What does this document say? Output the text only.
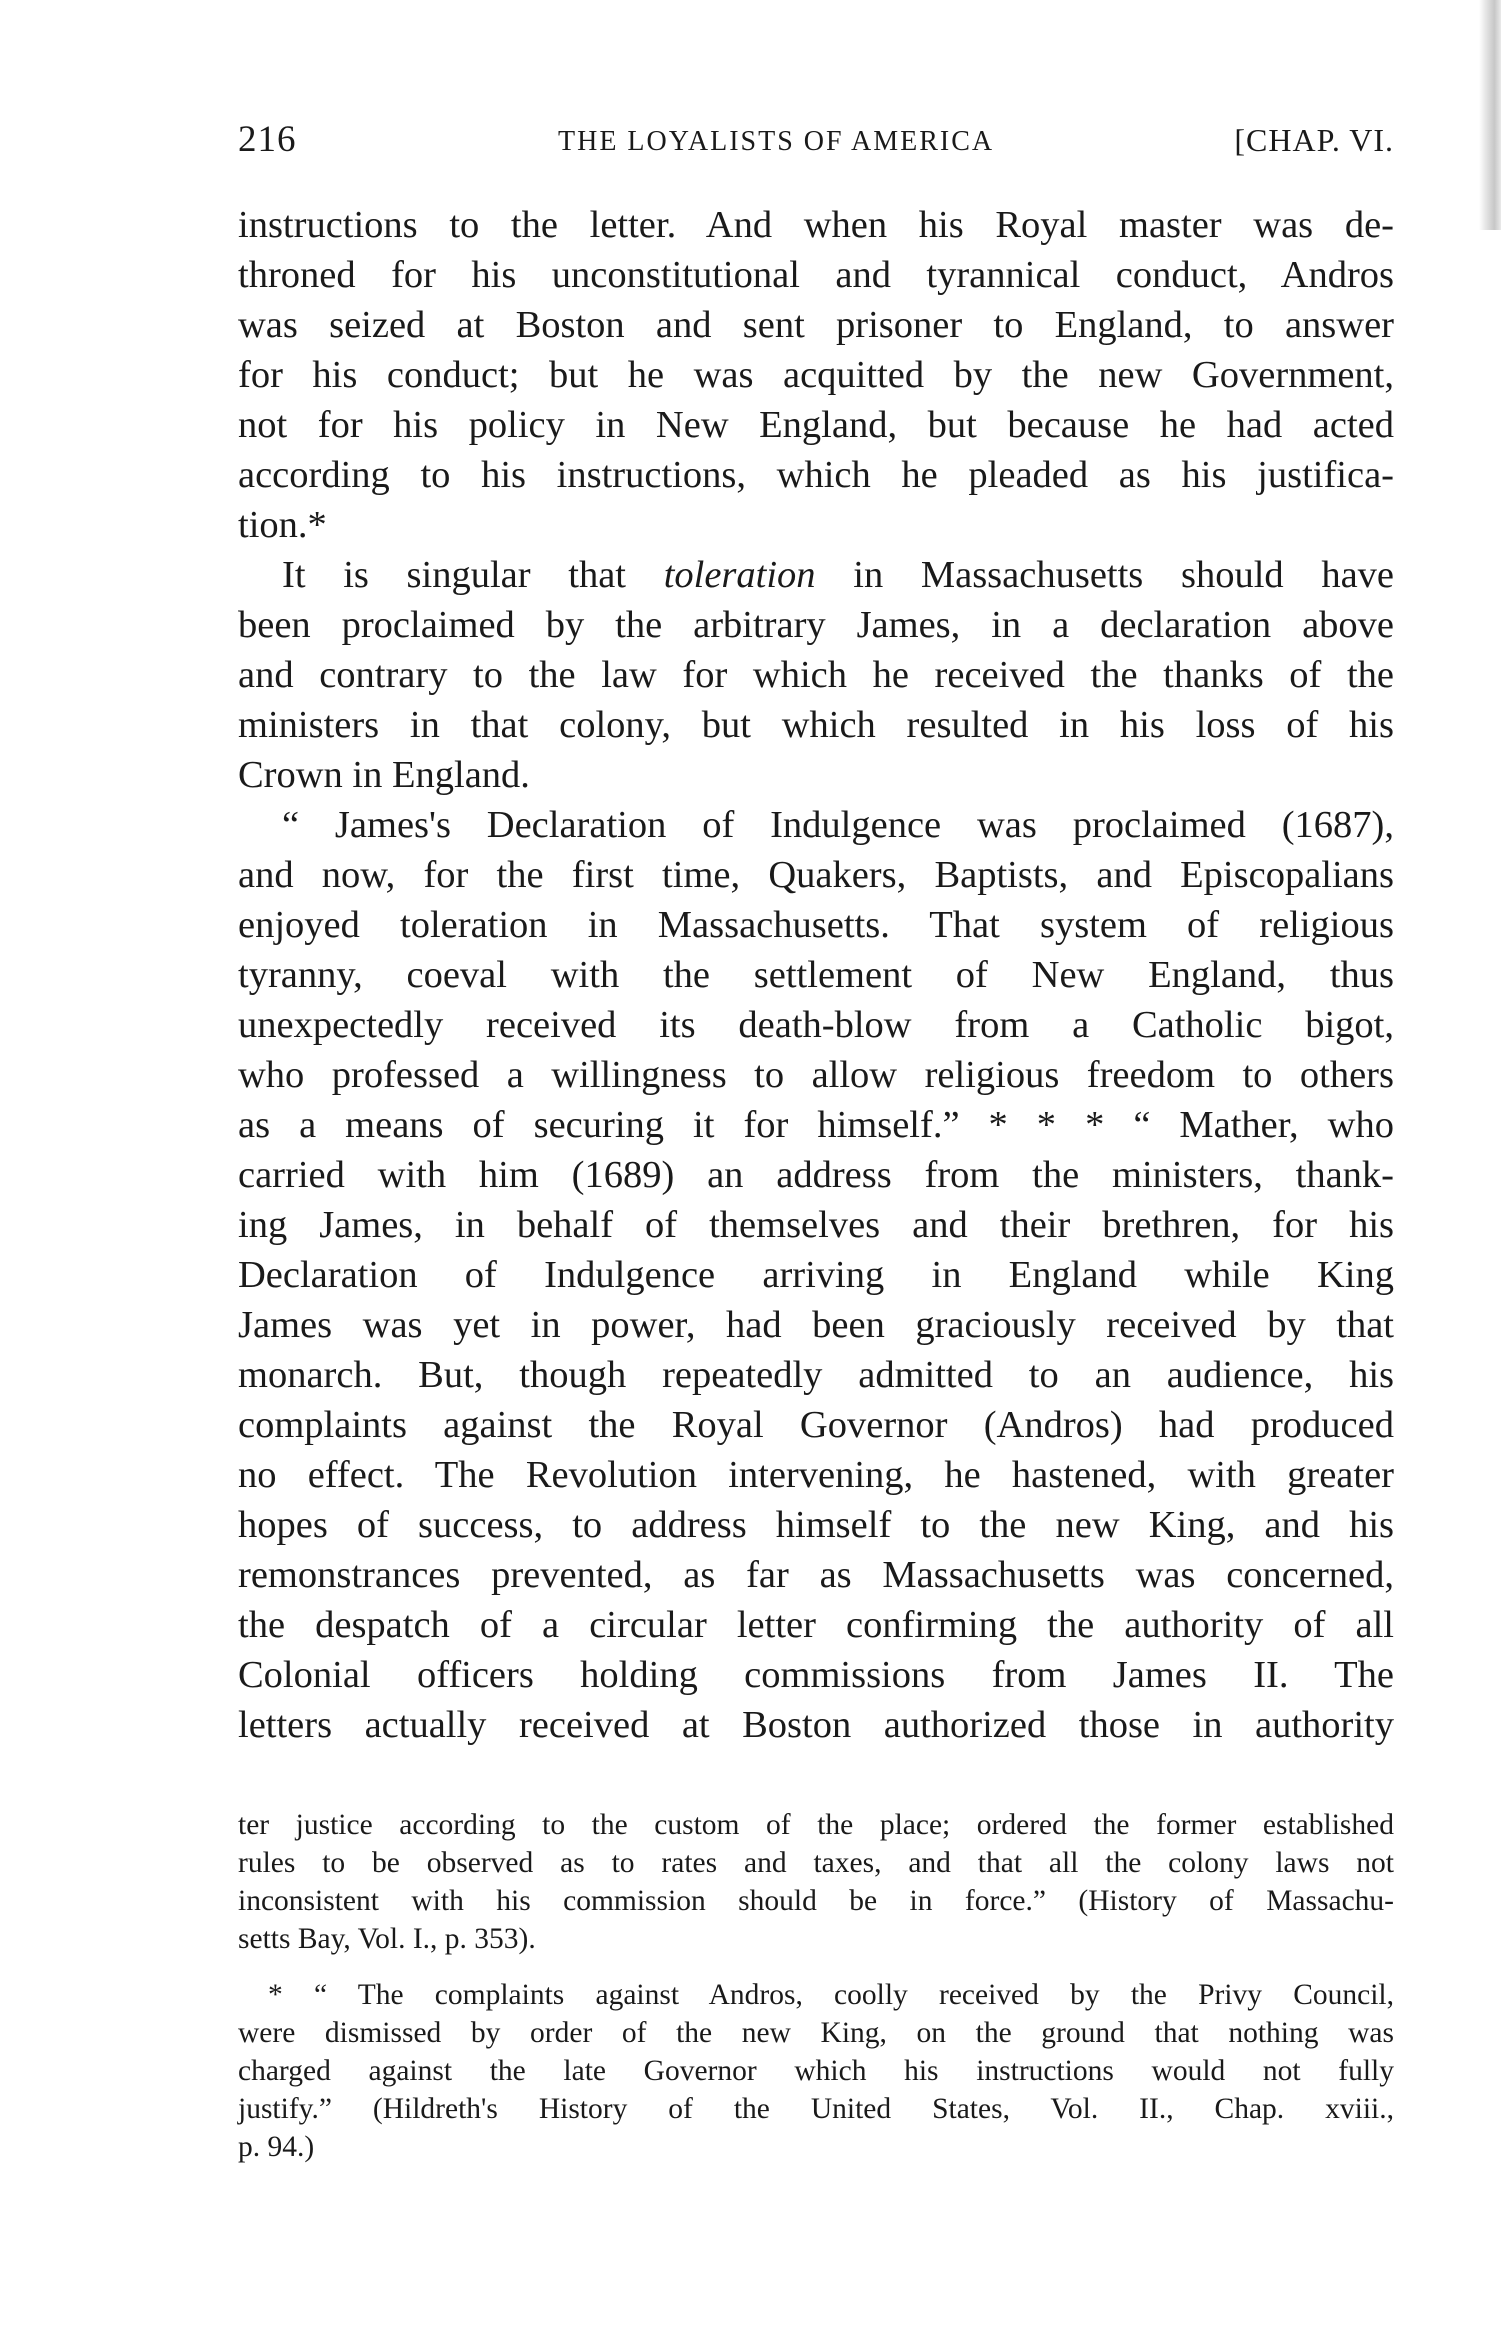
216	THE LOYALISTS OF AMERICA	[CHAP. VI.
instructions to the letter. And when his Royal master was de-
throned for his unconstitutional and tyrannical conduct, Andros
was seized at Boston and sent prisoner to England, to answer
for his conduct; but he was acquitted by the new Government,
not for his policy in New England, but because he had acted
according to his instructions, which he pleaded as his justifica-
tion.*
It is singular that toleration in Massachusetts should have
been proclaimed by the arbitrary James, in a declaration above
and contrary to the law for which he received the thanks of the
ministers in that colony, but which resulted in his loss of his
Crown in England.
“ James's Declaration of Indulgence was proclaimed (1687),
and now, for the first time, Quakers, Baptists, and Episcopalians
enjoyed toleration in Massachusetts. That system of religious
tyranny, coeval with the settlement of New England, thus
unexpectedly received its death-blow from a Catholic bigot,
who professed a willingness to allow religious freedom to others
as a means of securing it for himself.” * * * “ Mather, who
carried with him (1689) an address from the ministers, thank-
ing James, in behalf of themselves and their brethren, for his
Declaration of Indulgence arriving in England while King
James was yet in power, had been graciously received by that
monarch. But, though repeatedly admitted to an audience, his
complaints against the Royal Governor (Andros) had produced
no effect. The Revolution intervening, he hastened, with greater
hopes of success, to address himself to the new King, and his
remonstrances prevented, as far as Massachusetts was concerned,
the despatch of a circular letter confirming the authority of all
Colonial officers holding commissions from James II. The
letters actually received at Boston authorized those in authority
ter justice according to the custom of the place; ordered the former established
rules to be observed as to rates and taxes, and that all the colony laws not
inconsistent with his commission should be in force.” (History of Massachu-
setts Bay, Vol. I., p. 353).
* “ The complaints against Andros, coolly received by the Privy Council,
were dismissed by order of the new King, on the ground that nothing was
charged against the late Governor which his instructions would not fully
justify.” (Hildreth's History of the United States, Vol. II., Chap. xviii.,
p. 94.)
